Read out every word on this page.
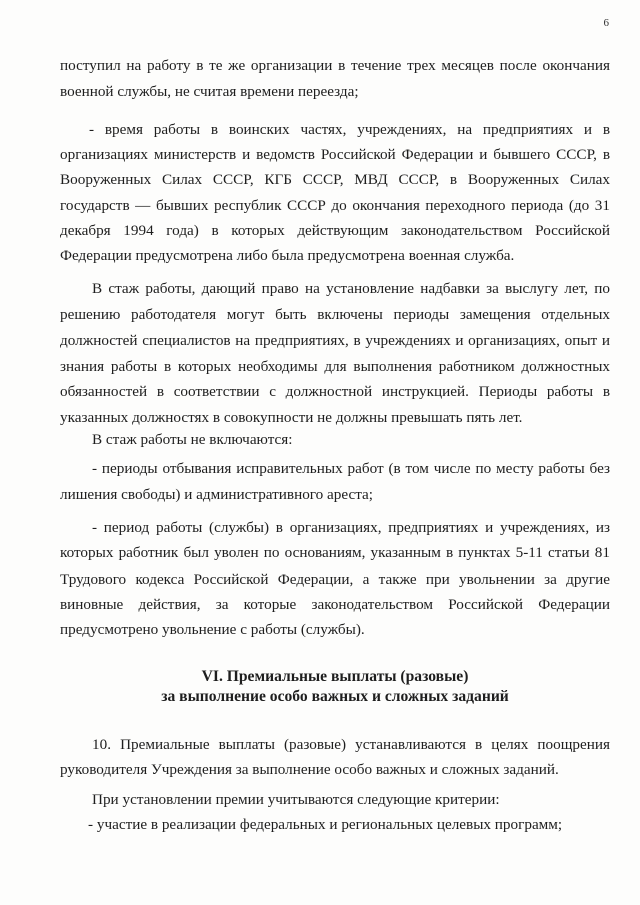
6
поступил на работу в те же организации в течение трех месяцев после окончания
военной службы, не считая времени переезда;
- время работы в воинских частях, учреждениях, на предприятиях и в
организациях министерств и ведомств Российской Федерации и бывшего СССР, в
Вооруженных Силах СССР, КГБ СССР, МВД СССР, в Вооруженных Силах
государств — бывших республик СССР до окончания переходного периода (до 31
декабря 1994 года) в которых действующим законодательством Российской
Федерации предусмотрена либо была предусмотрена военная служба.
В стаж работы, дающий право на установление надбавки за выслугу лет, по
решению работодателя могут быть включены периоды замещения отдельных
должностей специалистов на предприятиях, в учреждениях и организациях, опыт и
знания работы в которых необходимы для выполнения работником должностных
обязанностей в соответствии с должностной инструкцией. Периоды работы в
указанных должностях в совокупности не должны превышать пять лет.
В стаж работы не включаются:
- периоды отбывания исправительных работ (в том числе по месту работы без
лишения свободы) и административного ареста;
- период работы (службы) в организациях, предприятиях и учреждениях, из
которых работник был уволен по основаниям, указанным в пунктах 5-11 статьи 81
Трудового кодекса Российской Федерации, а также при увольнении за другие
виновные действия, за которые законодательством Российской Федерации
предусмотрено увольнение с работы (службы).
VI. Премиальные выплаты (разовые)
за выполнение особо важных и сложных заданий
10. Премиальные выплаты (разовые) устанавливаются в целях поощрения
руководителя Учреждения за выполнение особо важных и сложных заданий.
При установлении премии учитываются следующие критерии:
- участие в реализации федеральных и региональных целевых программ;
